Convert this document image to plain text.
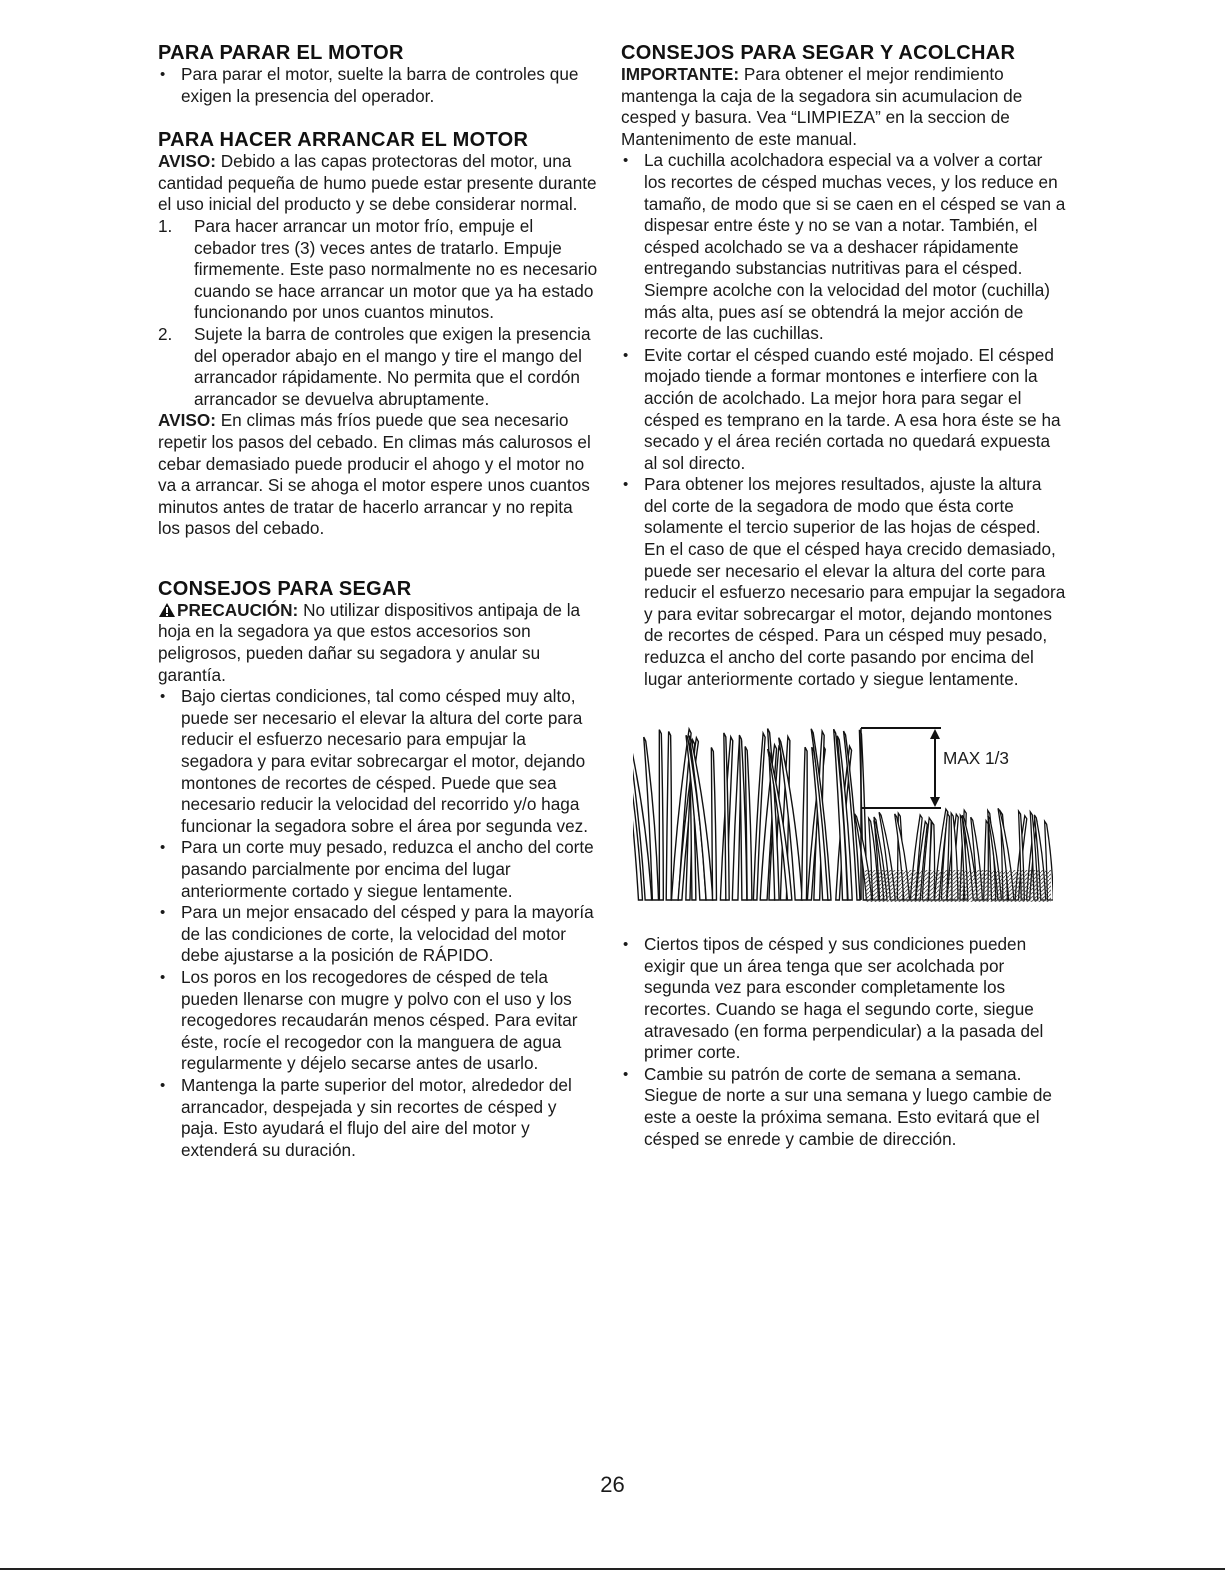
PARA PARAR EL MOTOR
• Para parar el motor, suelte la barra de controles que exigen la presencia del operador.
PARA HACER ARRANCAR EL MOTOR

AVISO: Debido a las capas protectoras del motor, una cantidad pequeña de humo puede estar presente durante el uso inicial del producto y se debe considerar normal.

1.	Para hacer arrancar un motor frío, empuje el cebador tres (3) veces antes de tratarlo. Empuje firmemente. Este paso normalmente no es necesario cuando se hace arrancar un motor que ya ha estado funcionando por unos cuantos minutos.
2.	Sujete la barra de controles que exigen la presencia del operador abajo en el mango y tire el mango del arrancador rápidamente. No permita que el cordón arrancador se devuelva abruptamente.

AVISO: En climas más fríos puede que sea necesario repetir los pasos del cebado. En climas más calurosos el cebar demasiado puede producir el ahogo y el motor no va a arrancar. Si se ahoga el motor espere unos cuantos minutos antes de tratar de hacerlo arrancar y no repita los pasos del cebado.

CONSEJOS PARA SEGAR

PRECAUCIÓN: No utilizar dispositivos antipaja de la hoja en la segadora ya que estos accesorios son peligrosos, pueden dañar su segadora y anular su garantía.

• Bajo ciertas condiciones, tal como césped muy alto, puede ser necesario el elevar la altura del corte para reducir el esfuerzo necesario para empujar la segadora y para evitar sobrecargar el motor, dejando montones de recortes de césped. Puede que sea necesario reducir la velocidad del recorrido y/o haga funcionar la segadora sobre el área por segunda vez.
• Para un corte muy pesado, reduzca el ancho del corte pasando parcialmente por encima del lugar anteriormente cortado y siegue lentamente.
• Para un mejor ensacado del césped y para la mayoría de las condiciones de corte, la velocidad del motor debe ajustarse a la posición de RÁPIDO.
• Los poros en los recogedores de césped de tela pueden llenarse con mugre y polvo con el uso y los recogedores recaudarán menos césped. Para evitar éste, rocíe el recogedor con la manguera de agua regularmente y déjelo secarse antes de usarlo.
• Mantenga la parte superior del motor, alrededor del arrancador, despejada y sin recortes de césped y paja. Esto ayudará el flujo del aire del motor y extenderá su duración.
CONSEJOS PARA SEGAR Y ACOLCHAR

IMPORTANTE: Para obtener el mejor rendimiento mantenga la caja de la segadora sin acumulacion de cesped y basura. Vea “LIMPIEZA” en la seccion de Mantenimento de este manual.

• La cuchilla acolchadora especial va a volver a cortar los recortes de césped muchas veces, y los reduce en tamaño, de modo que si se caen en el césped se van a dispesar entre éste y no se van a notar. También, el césped acolchado se va a deshacer rápidamente entregando substancias nutritivas para el césped. Siempre acolche con la velocidad del motor (cuchilla) más alta, pues así se obtendrá la mejor acción de recorte de las cuchillas.
• Evite cortar el césped cuando esté mojado. El césped mojado tiende a formar montones e interfiere con la acción de acolchado. La mejor hora para segar el césped es temprano en la tarde. A esa hora éste se ha secado y el área recién cortada no quedará expuesta al sol directo.
• Para obtener los mejores resultados, ajuste la altura del corte de la segadora de modo que ésta corte solamente el tercio superior de las hojas de césped. En el caso de que el césped haya crecido demasiado, puede ser necesario el elevar la altura del corte para reducir el esfuerzo necesario para empujar la segadora y para evitar sobrecargar el motor, dejando montones de recortes de césped. Para un césped muy pesado, reduzca el ancho del corte pasando por encima del lugar anteriormente cortado y siegue lentamente.
MAX 1/3
• Ciertos tipos de césped y sus condiciones pueden exigir que un área tenga que ser acolchada por segunda vez para esconder completamente los recortes. Cuando se haga el segundo corte, siegue atravesado (en forma perpendicular) a la pasada del primer corte.
• Cambie su patrón de corte de semana a semana. Siegue de norte a sur una semana y luego cambie de este a oeste la próxima semana. Esto evitará que el césped se enrede y cambie de dirección.
26
